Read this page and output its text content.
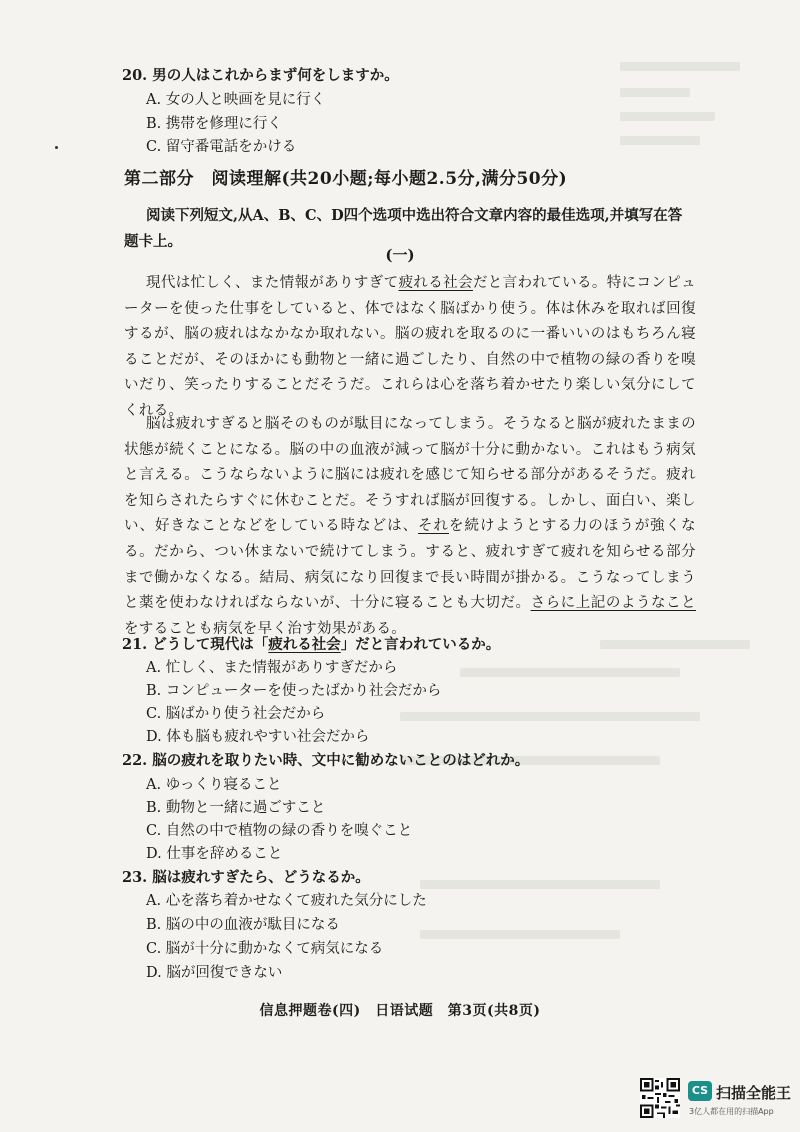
20. 男の人はこれからまず何をしますか。
A. 女の人と映画を見に行く
B. 携帯を修理に行く
C. 留守番電話をかける
第二部分　阅读理解(共20小题;每小题2.5分,满分50分)
阅读下列短文,从A、B、C、D四个选项中选出符合文章内容的最佳选项,并填写在答题卡上。
(一)
現代は忙しく、また情報がありすぎて疲れる社会だと言われている。特にコンピューターを使った仕事をしていると、体ではなく脳ばかり使う。体は休みを取れば回復するが、脳の疲れはなかなか取れない。脳の疲れを取るのに一番いいのはもちろん寝ることだが、そのほかにも動物と一緒に過ごしたり、自然の中で植物の緑の香りを嗅いだり、笑ったりすることだそうだ。これらは心を落ち着かせたり楽しい気分にしてくれる。
脳は疲れすぎると脳そのものが駄目になってしまう。そうなると脳が疲れたままの状態が続くことになる。脳の中の血液が減って脳が十分に動かない。これはもう病気と言える。こうならないように脳には疲れを感じて知らせる部分があるそうだ。疲れを知らされたらすぐに休むことだ。そうすれば脳が回復する。しかし、面白い、楽しい、好きなことなどをしている時などは、それを続けようとする力のほうが強くなる。だから、つい休まないで続けてしまう。すると、疲れすぎて疲れを知らせる部分まで働かなくなる。結局、病気になり回復まで長い時間が掛かる。こうなってしまうと薬を使わなければならないが、十分に寝ることも大切だ。さらに上記のようなことをすることも病気を早く治す効果がある。
21. どうして現代は「疲れる社会」だと言われているか。
A. 忙しく、また情報がありすぎだから
B. コンピューターを使ったばかり社会だから
C. 脳ばかり使う社会だから
D. 体も脳も疲れやすい社会だから
22. 脳の疲れを取りたい時、文中に勧めないことのはどれか。
A. ゆっくり寝ること
B. 動物と一緒に過ごすこと
C. 自然の中で植物の緑の香りを嗅ぐこと
D. 仕事を辞めること
23. 脳は疲れすぎたら、どうなるか。
A. 心を落ち着かせなくて疲れた気分にした
B. 脳の中の血液が駄目になる
C. 脳が十分に動かなくて病気になる
D. 脳が回復できない
信息押题卷(四)　日语试题　第3页(共8页)
CS 扫描全能王
3亿人都在用的扫描App
